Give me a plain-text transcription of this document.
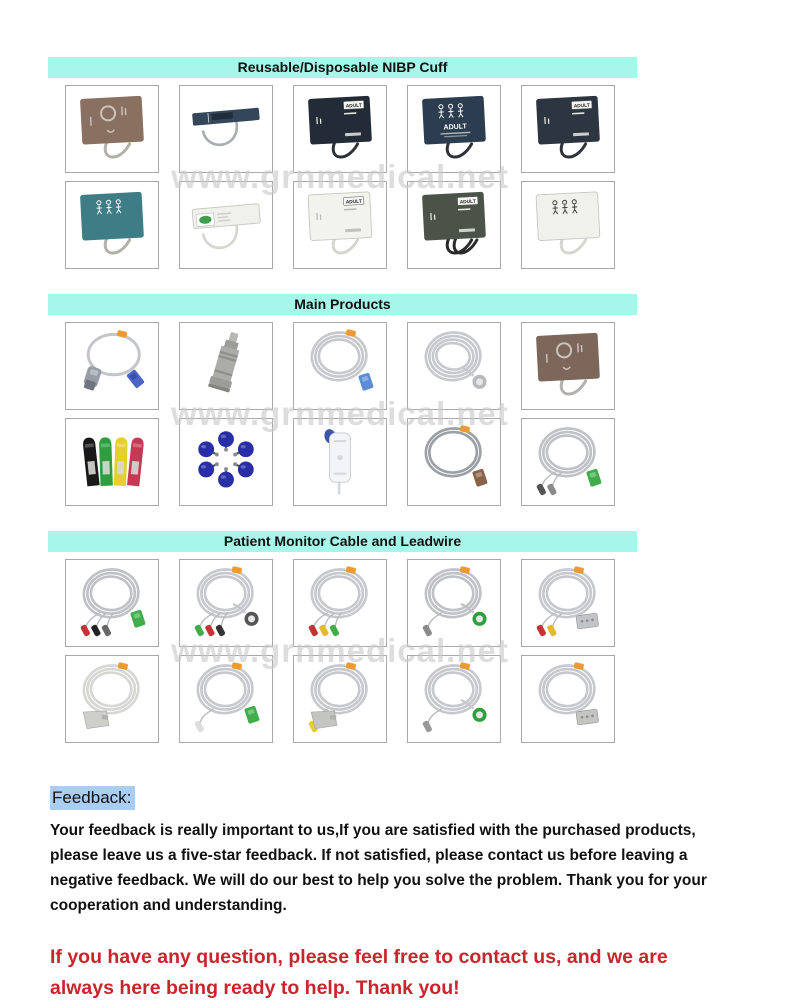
Reusable/Disposable NIBP Cuff
ADULT
ADULT
ADULT
ADULT	ADULT
www.grnmedical.net
Main Products
www.grnmedical.net
Patient Monitor Cable and Leadwire
www.grnmedical.net
Feedback:

Your feedback is really important to us,If you are satisfied with the purchased products, please leave us a five-star feedback. If not satisfied, please contact us before leaving a negative feedback. We will do our best to help you solve the problem. Thank you for your cooperation and understanding.

If you have any question, please feel free to contact us, and we are always here being ready to help. Thank you!
